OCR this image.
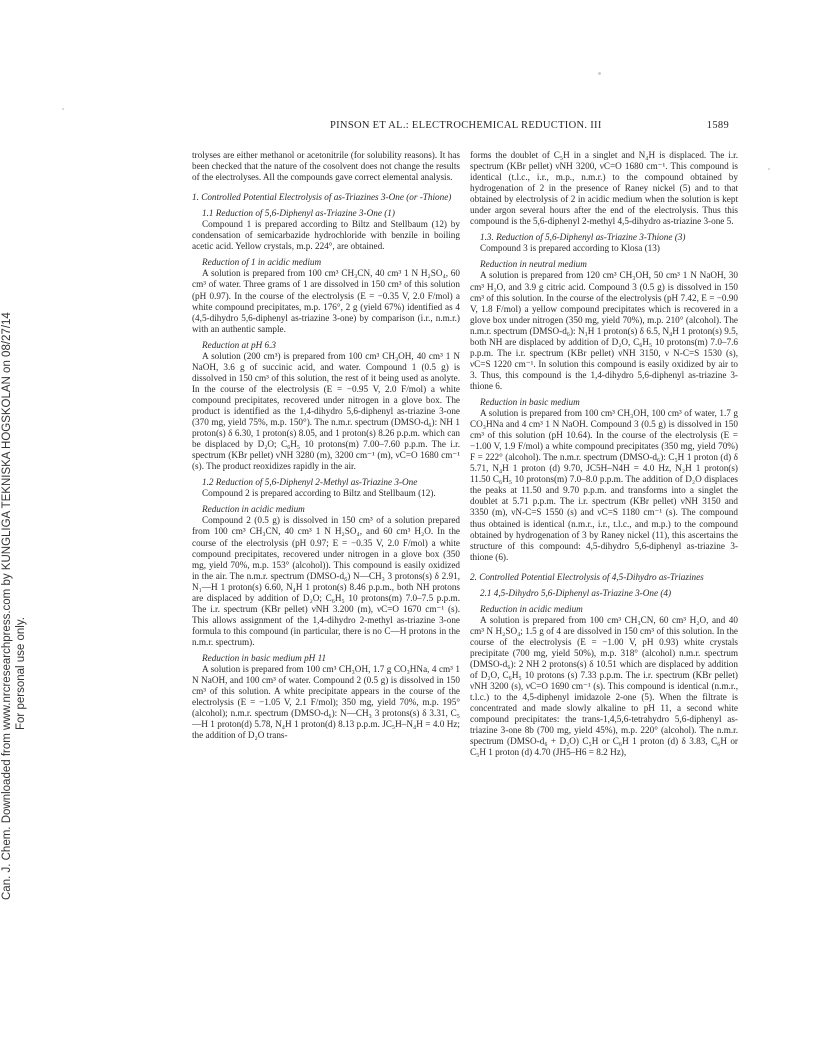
PINSON ET AL.: ELECTROCHEMICAL REDUCTION. III	1589
Can. J. Chem. Downloaded from www.nrcresearchpress.com by KUNGLIGA TEKNISKA HOGSKOLAN on 08/27/14 For personal use only.

trolyses are either methanol or acetonitrile (for solubility reasons). It has been checked that the nature of the cosolvent does not change the results of the electrolyses. All the compounds gave correct elemental analysis.

1. Controlled Potential Electrolysis of as-Triazines 3-One (or -Thione)

1.1 Reduction of 5,6-Diphenyl as-Triazine 3-One (1)

Compound 1 is prepared according to Biltz and Stellbaum (12) by condensation of semicarbazide hydrochloride with benzile in boiling acetic acid. Yellow crystals, m.p. 224°, are obtained.

Reduction of 1 in acidic medium

A solution is prepared from 100 cm³ CH₃CN, 40 cm³ 1 N H₂SO₄, 60 cm³ of water. Three grams of 1 are dissolved in 150 cm³ of this solution (pH 0.97). In the course of the electrolysis (E = −0.35 V, 2.0 F/mol) a white compound precipitates, m.p. 176°, 2 g (yield 67%) identified as 4 (4,5-dihydro 5,6-diphenyl as-triazine 3-one) by comparison (i.r., n.m.r.) with an authentic sample.

Reduction at pH 6.3

A solution (200 cm³) is prepared from 100 cm³ CH₃OH, 40 cm³ 1 N NaOH, 3.6 g of succinic acid, and water. Compound 1 (0.5 g) is dissolved in 150 cm³ of this solution, the rest of it being used as anolyte. In the course of the electrolysis (E = −0.95 V, 2.0 F/mol) a white compound precipitates, recovered under nitrogen in a glove box. The product is identified as the 1,4-dihydro 5,6-diphenyl as-triazine 3-one (370 mg, yield 75%, m.p. 150°). The n.m.r. spectrum (DMSO-d₆): NH 1 proton(s) δ 6.30, 1 proton(s) 8.05, and 1 proton(s) 8.26 p.p.m. which can be displaced by D₂O; C₆H₅ 10 protons(m) 7.00–7.60 p.p.m. The i.r. spectrum (KBr pellet) νNH 3280 (m), 3200 cm⁻¹ (m), νC=O 1680 cm⁻¹ (s). The product reoxidizes rapidly in the air.

1.2 Reduction of 5,6-Diphenyl 2-Methyl as-Triazine 3-One

Compound 2 is prepared according to Biltz and Stellbaum (12).

Reduction in acidic medium

Compound 2 (0.5 g) is dissolved in 150 cm³ of a solution prepared from 100 cm³ CH₃CN, 40 cm³ 1 N H₂SO₄, and 60 cm³ H₂O. In the course of the electrolysis (pH 0.97; E = −0.35 V, 2.0 F/mol) a white compound precipitates, recovered under nitrogen in a glove box (350 mg, yield 70%, m.p. 153° (alcohol)). This compound is easily oxidized in the air. The n.m.r. spectrum (DMSO-d₆) N—CH₃ 3 protons(s) δ 2.91, N₁—H 1 proton(s) 6.60, N₄H 1 proton(s) 8.46 p.p.m., both NH protons are displaced by addition of D₂O; C₆H₅ 10 protons(m) 7.0–7.5 p.p.m. The i.r. spectrum (KBr pellet) νNH 3.200 (m), νC=O 1670 cm⁻¹ (s). This allows assignment of the 1,4-dihydro 2-methyl as-triazine 3-one formula to this compound (in particular, there is no C—H protons in the n.m.r. spectrum).

Reduction in basic medium pH 11

A solution is prepared from 100 cm³ CH₃OH, 1.7 g CO₃HNa, 4 cm³ 1 N NaOH, and 100 cm³ of water. Compound 2 (0.5 g) is dissolved in 150 cm³ of this solution. A white precipitate appears in the course of the electrolysis (E = −1.05 V, 2.1 F/mol); 350 mg, yield 70%, m.p. 195° (alcohol); n.m.r. spectrum (DMSO-d₆): N—CH₃ 3 protons(s) δ 3.31, C₅—H 1 proton(d) 5.78, N₄H 1 proton(d) 8.13 p.p.m. JC₅H–N₄H = 4.0 Hz; the addition of D₂O trans-

forms the doublet of C₅H in a singlet and N₄H is displaced. The i.r. spectrum (KBr pellet) νNH 3200, νC=O 1680 cm⁻¹. This compound is identical (t.l.c., i.r., m.p., n.m.r.) to the compound obtained by hydrogenation of 2 in the presence of Raney nickel (5) and to that obtained by electrolysis of 2 in acidic medium when the solution is kept under argon several hours after the end of the electrolysis. Thus this compound is the 5,6-diphenyl 2-methyl 4,5-dihydro as-triazine 3-one 5.

1.3. Reduction of 5,6-Diphenyl as-Triazine 3-Thione (3)

Compound 3 is prepared according to Klosa (13)

Reduction in neutral medium

A solution is prepared from 120 cm³ CH₃OH, 50 cm³ 1 N NaOH, 30 cm³ H₂O, and 3.9 g citric acid. Compound 3 (0.5 g) is dissolved in 150 cm³ of this solution. In the course of the electrolysis (pH 7.42, E = −0.90 V, 1.8 F/mol) a yellow compound precipitates which is recovered in a glove box under nitrogen (350 mg, yield 70%), m.p. 210° (alcohol). The n.m.r. spectrum (DMSO-d₆): N₁H 1 proton(s) δ 6.5, N₄H 1 proton(s) 9.5, both NH are displaced by addition of D₂O, C₆H₅ 10 protons(m) 7.0–7.6 p.p.m. The i.r. spectrum (KBr pellet) νNH 3150, ν N-C=S 1530 (s), νC=S 1220 cm⁻¹. In solution this compound is easily oxidized by air to 3. Thus, this compound is the 1,4-dihydro 5,6-diphenyl as-triazine 3-thione 6.

Reduction in basic medium

A solution is prepared from 100 cm³ CH₃OH, 100 cm³ of water, 1.7 g CO₃HNa and 4 cm³ 1 N NaOH. Compound 3 (0.5 g) is dissolved in 150 cm³ of this solution (pH 10.64). In the course of the electrolysis (E = −1.00 V, 1.9 F/mol) a white compound precipitates (350 mg, yield 70%) F = 222° (alcohol). The n.m.r. spectrum (DMSO-d₆): C₅H 1 proton (d) δ 5.71, N₄H 1 proton (d) 9.70, JC5H–N4H = 4.0 Hz, N₂H 1 proton(s) 11.50 C₆H₅ 10 protons(m) 7.0–8.0 p.p.m. The addition of D₂O displaces the peaks at 11.50 and 9.70 p.p.m. and transforms into a singlet the doublet at 5.71 p.p.m. The i.r. spectrum (KBr pellet) νNH 3150 and 3350 (m), νN-C=S 1550 (s) and νC=S 1180 cm⁻¹ (s). The compound thus obtained is identical (n.m.r., i.r., t.l.c., and m.p.) to the compound obtained by hydrogenation of 3 by Raney nickel (11), this ascertains the structure of this compound: 4,5-dihydro 5,6-diphenyl as-triazine 3-thione (6).

2. Controlled Potential Electrolysis of 4,5-Dihydro as-Triazines

2.1 4,5-Dihydro 5,6-Diphenyl as-Triazine 3-One (4)

Reduction in acidic medium

A solution is prepared from 100 cm³ CH₃CN, 60 cm³ H₂O, and 40 cm³ N H₂SO₄; 1.5 g of 4 are dissolved in 150 cm³ of this solution. In the course of the electrolysis (E = −1.00 V, pH 0.93) white crystals precipitate (700 mg, yield 50%), m.p. 318° (alcohol) n.m.r. spectrum (DMSO-d₆): 2 NH 2 protons(s) δ 10.51 which are displaced by addition of D₂O, C₆H₅ 10 protons (s) 7.33 p.p.m. The i.r. spectrum (KBr pellet) νNH 3200 (s), νC=O 1690 cm⁻¹ (s). This compound is identical (n.m.r., t.l.c.) to the 4,5-diphenyl imidazole 2-one (5). When the filtrate is concentrated and made slowly alkaline to pH 11, a second white compound precipitates: the trans-1,4,5,6-tetrahydro 5,6-diphenyl as-triazine 3-one 8b (700 mg, yield 45%), m.p. 220° (alcohol). The n.m.r. spectrum (DMSO-d₆ + D₂O) C₅H or C₆H 1 proton (d) δ 3.83, C₆H or C₅H 1 proton (d) 4.70 (JH5–H6 = 8.2 Hz),
